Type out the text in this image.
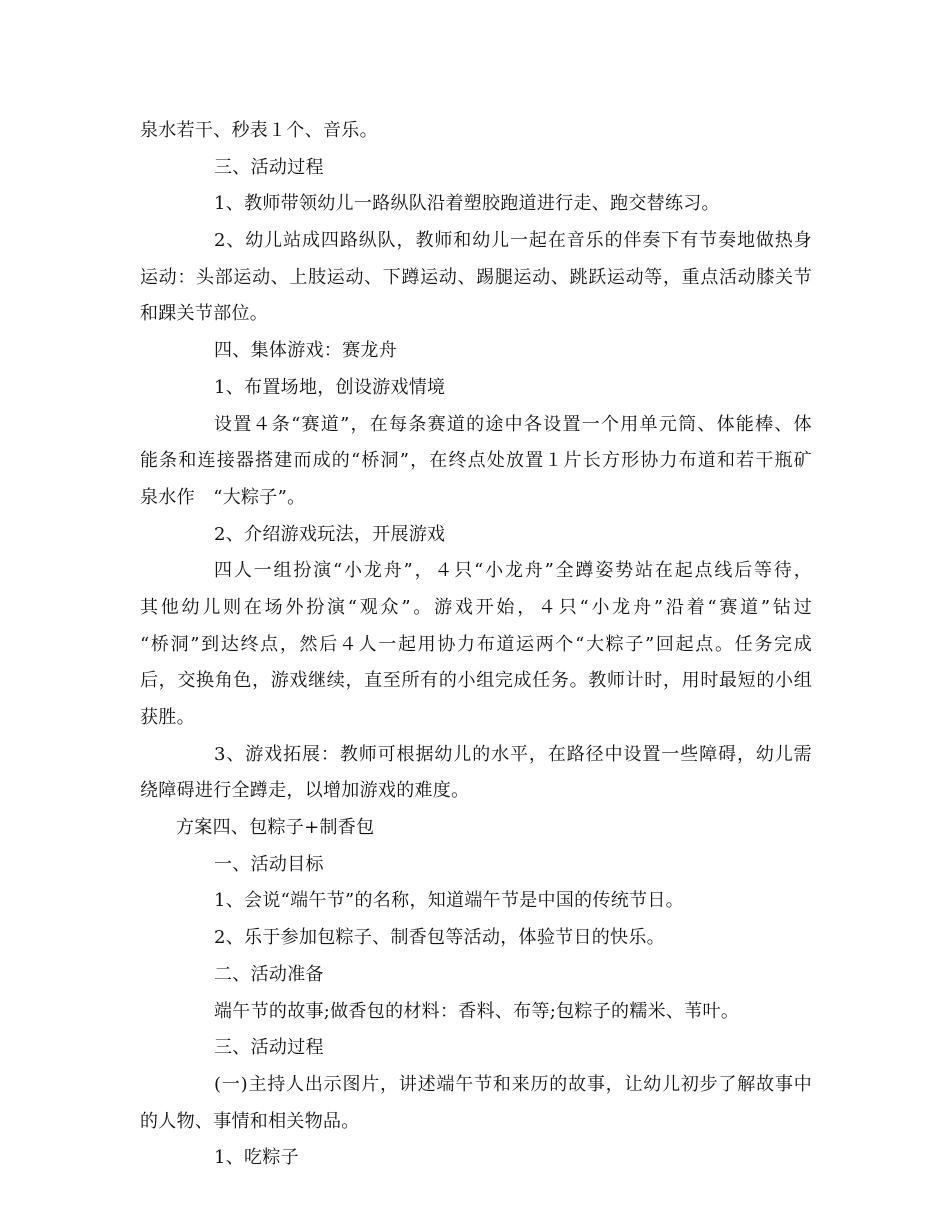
泉水若干、秒表１个、音乐。
三、活动过程
1、教师带领幼儿一路纵队沿着塑胶跑道进行走、跑交替练习。
2、幼儿站成四路纵队，教师和幼儿一起在音乐的伴奏下有节奏地做热身
运动：头部运动、上肢运动、下蹲运动、踢腿运动、跳跃运动等，重点活动膝关节
和踝关节部位。
四、集体游戏：赛龙舟
1、布置场地，创设游戏情境
设置４条“赛道”，在每条赛道的途中各设置一个用单元筒、体能棒、体
能条和连接器搭建而成的“桥洞”，在终点处放置１片长方形协力布道和若干瓶矿
泉水作　“大粽子”。
2、介绍游戏玩法，开展游戏
四人一组扮演“小龙舟”，４只“小龙舟”全蹲姿势站在起点线后等待，
其他幼儿则在场外扮演“观众”。游戏开始，４只“小龙舟”沿着“赛道”钻过
“桥洞”到达终点，然后４人一起用协力布道运两个“大粽子”回起点。任务完成
后，交换角色，游戏继续，直至所有的小组完成任务。教师计时，用时最短的小组
获胜。
3、游戏拓展：教师可根据幼儿的水平，在路径中设置一些障碍，幼儿需
绕障碍进行全蹲走，以增加游戏的难度。
方案四、包粽子+制香包
一、活动目标
1、会说“端午节”的名称，知道端午节是中国的传统节日。
2、乐于参加包粽子、制香包等活动，体验节日的快乐。
二、活动准备
端午节的故事;做香包的材料：香料、布等;包粽子的糯米、苇叶。
三、活动过程
(一)主持人出示图片，讲述端午节和来历的故事，让幼儿初步了解故事中
的人物、事情和相关物品。
1、吃粽子
